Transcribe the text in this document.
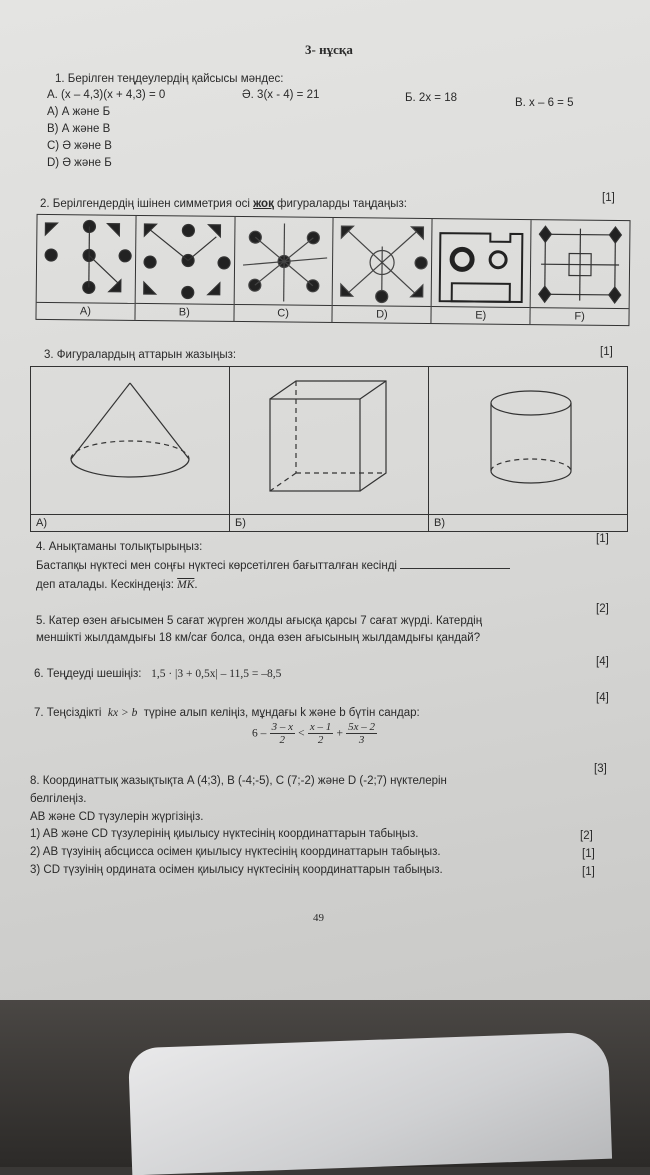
3- нұсқа
1. Берілген теңдеулердің қайсысы мәндес:
А. (x – 4,3)(x + 4,3) = 0	Ә. 3(x - 4) = 21	Б. 2x = 18	В. x – 6 = 5
A) А және Б
B) А және В
C) Ә және В
D) Ә және Б
2. Берілгендердің ішінен симметрия осі жоқ фигураларды таңдаңыз:	[1]
A)	B)	C)	D)	E)	F)
3. Фигуралардың аттарын жазыңыз:	[1]
A)	Б)	В)
[1]
4. Анықтаманы толықтырыңыз:
Бастапқы нүктесі мен соңғы нүктесі көрсетілген бағытталған кесінді
деп аталады. Кескіндеңіз: $\overline{MK}$.
[2]
5. Катер өзен ағысымен 5 сағат жүрген жолды ағысқа қарсы 7 сағат жүрді. Катердің
меншікті жылдамдығы 18 км/сағ болса, онда өзен ағысының жылдамдығы қандай?
[4]
6. Теңдеуді шешіңіз: 1,5 · |3 + 0,5x| – 11,5 = –8,5
[4]
7. Теңсіздікті kx > b түріне алып келіңіз, мұндағы k және b бүтін сандар:
$6 - \frac{3 - x}{2} < \frac{x - 1}{2} + \frac{5x - 2}{3}$
[3]
8. Координаттық жазықтықта A (4;3), B (-4;-5), C (7;-2) және D (-2;7) нүктелерін
белгілеңіз.
AB және CD түзулерін жүргізіңіз.
1) AB және CD түзулерінің қиылысу нүктесінің координаттарын табыңыз.	[2]
2) AB түзуінің абсцисса осімен қиылысу нүктесінің координаттарын табыңыз.	[1]
3) CD түзуінің ордината осімен қиылысу нүктесінің координаттарын табыңыз.	[1]
49
